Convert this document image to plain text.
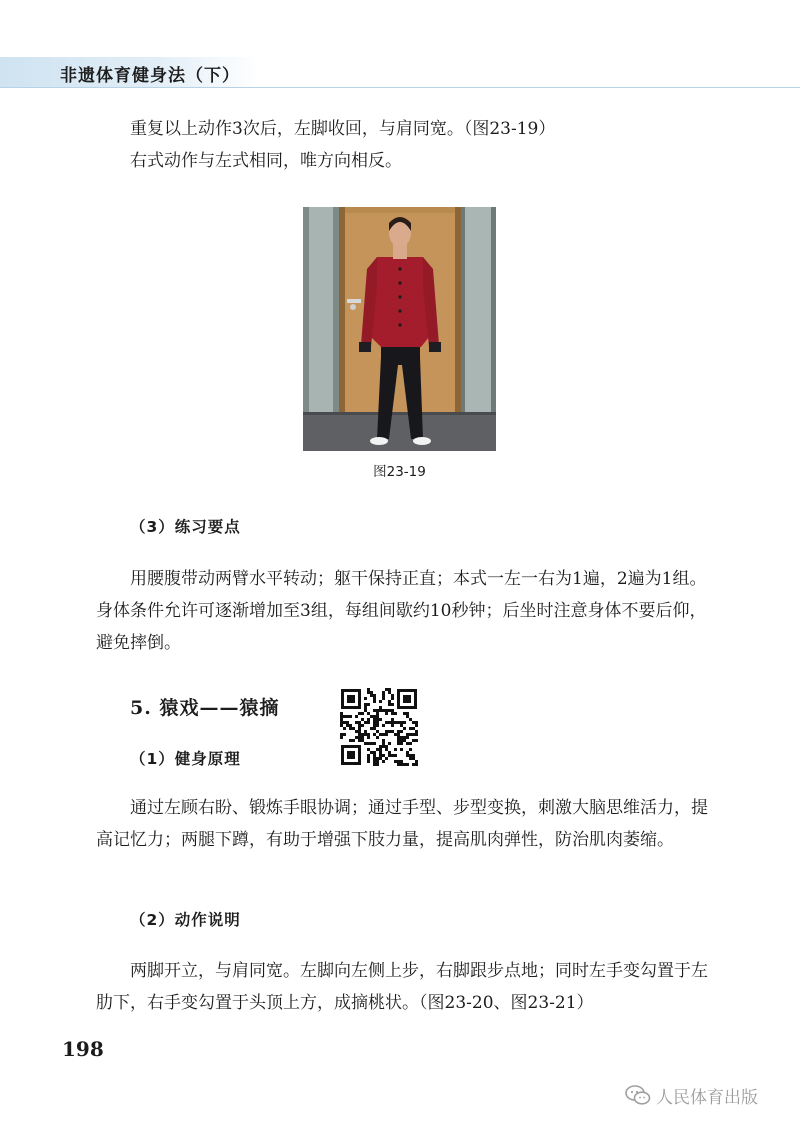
非遗体育健身法（下）

重复以上动作3次后，左脚收回，与肩同宽。（图23-19）

右式动作与左式相同，唯方向相反。

图23-19
（3）练习要点

用腰腹带动两臂水平转动；躯干保持正直；本式一左一右为1遍，2遍为1组。身体条件允许可逐渐增加至3组，每组间歇约10秒钟；后坐时注意身体不要后仰，避免摔倒。

5. 猿戏——猿摘
（1）健身原理

通过左顾右盼、锻炼手眼协调；通过手型、步型变换，刺激大脑思维活力，提高记忆力；两腿下蹲，有助于增强下肢力量，提高肌肉弹性，防治肌肉萎缩。

（2）动作说明

两脚开立，与肩同宽。左脚向左侧上步，右脚跟步点地；同时左手变勾置于左肋下，右手变勾置于头顶上方，成摘桃状。（图23-20、图23-21）

198
人民体育出版
